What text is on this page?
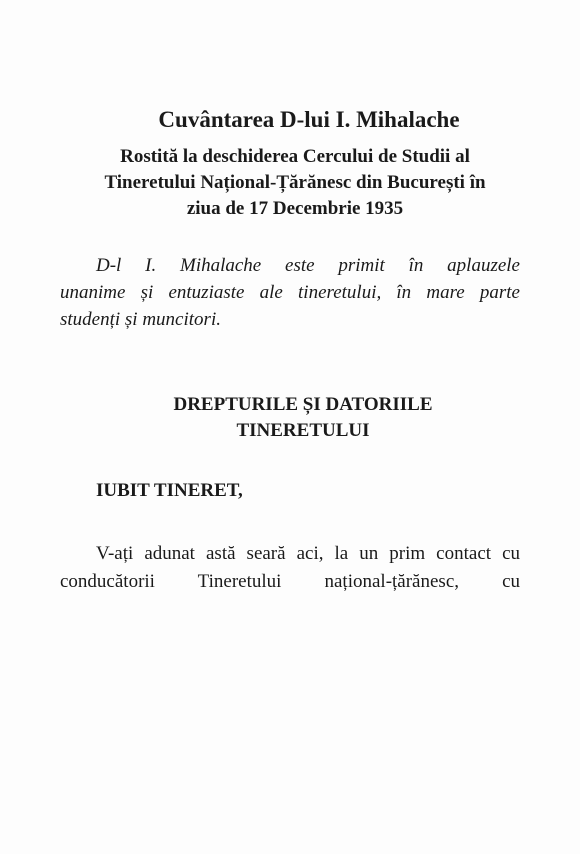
Cuvântarea D-lui I. Mihalache
Rostită la deschiderea Cercului de Studii al
Tineretului Național-Țărănesc din București în
ziua de 17 Decembrie 1935
D-l I. Mihalache este primit în aplauzele
unanime și entuziaste ale tineretului, în mare parte
studenți și muncitori.
DREPTURILE ȘI DATORIILE
TINERETULUI
IUBIT TINERET,
V-ați adunat astă seară aci, la un prim contact cu
conducătorii Tineretului național-țărănesc, cu
